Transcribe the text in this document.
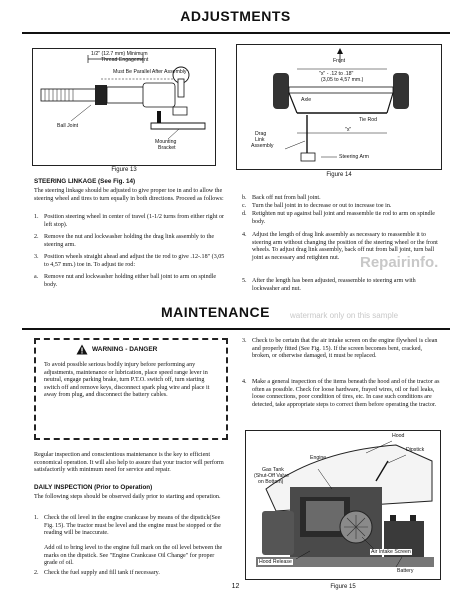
ADJUSTMENTS
1/2" (12.7 mm) Minimum
Thread Engagement
Must Be Parallel After Assembly
Ball Joint
Mounting
Bracket
Figure 13
Front
"x" - .12 to .18"
(3,05 to 4,57 mm.)
Axle
Tie Rod
Drag
Link
Assembly
"x"
Steering Arm
Figure 14
STEERING LINKAGE (See Fig. 14)
The steering linkage should be adjusted to give proper toe in and to allow the steering wheel and tires to turn equally in both directions. Proceed as follows:
1. Position steering wheel in center of travel (1-1/2 turns from either right or left stop).
2. Remove the nut and lockwasher holding the drag link assembly to the steering arm.
3. Position wheels straight ahead and adjust the tie rod to give .12-.18" (3,05 to 4,57 mm.) toe in. To adjust tie rod:
a. Remove nut and lockwasher holding either ball joint to arm on spindle body.
b. Back off nut from ball joint.
c. Turn the ball joint in to decrease or out to increase toe in.
d. Retighten nut up against ball joint and reassemble tie rod to arm on spindle body.
4. Adjust the length of drag link assembly as necessary to reassemble it to steering arm without changing the position of the steering wheel or the front wheels. To adjust drag link assembly, back off nut from ball joint, turn ball joint as necessary and retighten nut.
5. After the length has been adjusted, reassemble to steering arm with lockwasher and nut.
Repairinfo.
MAINTENANCE	watermark only on this sample
WARNING - DANGER
To avoid possible serious bodily injury before performing any adjustments, maintenance or lubrication, place speed range lever in neutral, engage parking brake, turn P.T.O. switch off, turn starting switch off and remove keys, disconnect spark plug wire and place it away from plug, and disconnect the battery cables.
Regular inspection and conscientious maintenance is the key to efficient economical operation. It will also help to assure that your tractor will perform satisfactorily with minimum need for service and repair.
DAILY INSPECTION (Prior to Operation)
The following steps should be observed daily prior to starting and operation.
1. Check the oil level in the engine crankcase by means of the dipstick(See Fig. 15). The tractor must be level and the engine must be stopped or the reading will be inaccurate.
Add oil to bring level to the engine full mark on the oil level between the marks on the dipstick. See "Engine Crankcase Oil Change" for proper grade of oil.
2. Check the fuel supply and fill tank if necessary.
3. Check to be certain that the air intake screen on the engine flywheel is clean and properly fitted (See Fig. 15). If the screen becomes bent, cracked, broken, or otherwise damaged, it must be replaced.
4. Make a general inspection of the items beneath the hood and of the tractor as often as possible. Check for loose hardware, frayed wires, oil or fuel leaks, loose connections, poor condition of tires, etc. In case such conditions are detected, take appropriate steps to correct them before operating the tractor.
Hood
Engine
Gas Tank
(Shut-Off Valve
on Bottom)
Dipstick
Hood Release
Air Intake Screen
Battery
Figure 15
12
